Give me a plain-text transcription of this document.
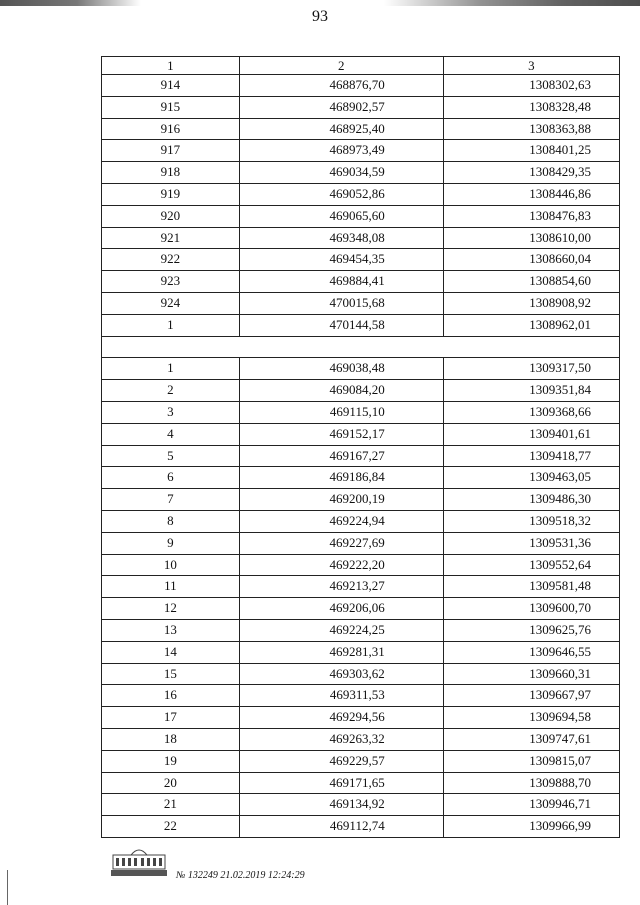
93
1	2	3
914	468876,70	1308302,63
915	468902,57	1308328,48
916	468925,40	1308363,88
917	468973,49	1308401,25
918	469034,59	1308429,35
919	469052,86	1308446,86
920	469065,60	1308476,83
921	469348,08	1308610,00
922	469454,35	1308660,04
923	469884,41	1308854,60
924	470015,68	1308908,92
1	470144,58	1308962,01

1	469038,48	1309317,50
2	469084,20	1309351,84
3	469115,10	1309368,66
4	469152,17	1309401,61
5	469167,27	1309418,77
6	469186,84	1309463,05
7	469200,19	1309486,30
8	469224,94	1309518,32
9	469227,69	1309531,36
10	469222,20	1309552,64
11	469213,27	1309581,48
12	469206,06	1309600,70
13	469224,25	1309625,76
14	469281,31	1309646,55
15	469303,62	1309660,31
16	469311,53	1309667,97
17	469294,56	1309694,58
18	469263,32	1309747,61
19	469229,57	1309815,07
20	469171,65	1309888,70
21	469134,92	1309946,71
22	469112,74	1309966,99
№ 132249 21.02.2019 12:24:29
